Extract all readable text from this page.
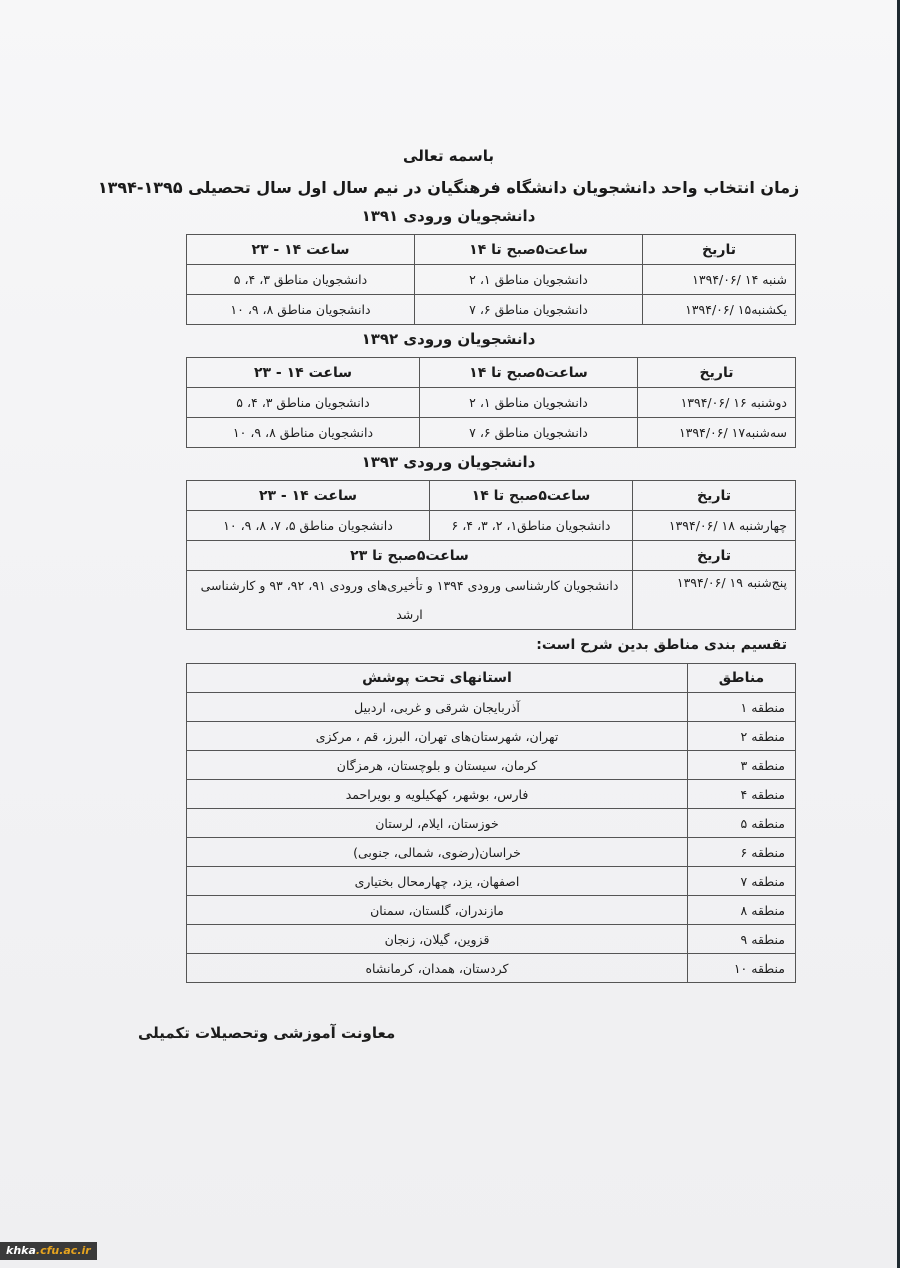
باسمه تعالی
زمان انتخاب واحد دانشجویان دانشگاه فرهنگیان در نیم سال اول سال تحصیلی ۱۳۹۵-۱۳۹۴
دانشجویان ورودی ۱۳۹۱
تاریخ	ساعت۵صبح تا ۱۴	ساعت ۱۴ - ۲۳
شنبه ۱۴ /۱۳۹۴/۰۶	دانشجویان مناطق ۱، ۲	دانشجویان مناطق ۳، ۴، ۵
یکشنبه۱۵ /۱۳۹۴/۰۶	دانشجویان مناطق ۶، ۷	دانشجویان مناطق ۸، ۹، ۱۰
دانشجویان ورودی ۱۳۹۲
تاریخ	ساعت۵صبح تا ۱۴	ساعت ۱۴ - ۲۳
دوشنبه ۱۶ /۱۳۹۴/۰۶	دانشجویان مناطق ۱، ۲	دانشجویان مناطق ۳، ۴، ۵
سه‌شنبه۱۷ /۱۳۹۴/۰۶	دانشجویان مناطق ۶، ۷	دانشجویان مناطق ۸، ۹، ۱۰
دانشجویان ورودی ۱۳۹۳
تاریخ	ساعت۵صبح تا ۱۴	ساعت ۱۴ - ۲۳
چهارشنبه ۱۸ /۱۳۹۴/۰۶	دانشجویان مناطق۱، ۲، ۳، ۴، ۶	دانشجویان مناطق ۵، ۷، ۸، ۹، ۱۰
تاریخ	ساعت۵صبح تا ۲۳	
پنج‌شنبه ۱۹ /۱۳۹۴/۰۶	دانشجویان کارشناسی ورودی ۱۳۹۴ و تأخیری‌های ورودی ۹۱، ۹۲، ۹۳ و کارشناسی ارشد	
تقسیم بندی مناطق بدین شرح است:
مناطق	استانهای تحت پوشش
منطقه ۱	آذربایجان شرقی و غربی، اردبیل
منطقه ۲	تهران، شهرستان‌های تهران، البرز، قم ، مرکزی
منطقه ۳	کرمان، سیستان و بلوچستان، هرمزگان
منطقه ۴	فارس، بوشهر، کهکیلویه و بویراحمد
منطقه ۵	خوزستان، ایلام، لرستان
منطقه ۶	خراسان(رضوی، شمالی، جنوبی)
منطقه ۷	اصفهان، یزد، چهارمحال بختیاری
منطقه ۸	مازندران، گلستان، سمنان
منطقه ۹	قزوین، گیلان، زنجان
منطقه ۱۰	کردستان، همدان، کرمانشاه
معاونت آموزشی وتحصیلات تکمیلی
khka.cfu.ac.ir
